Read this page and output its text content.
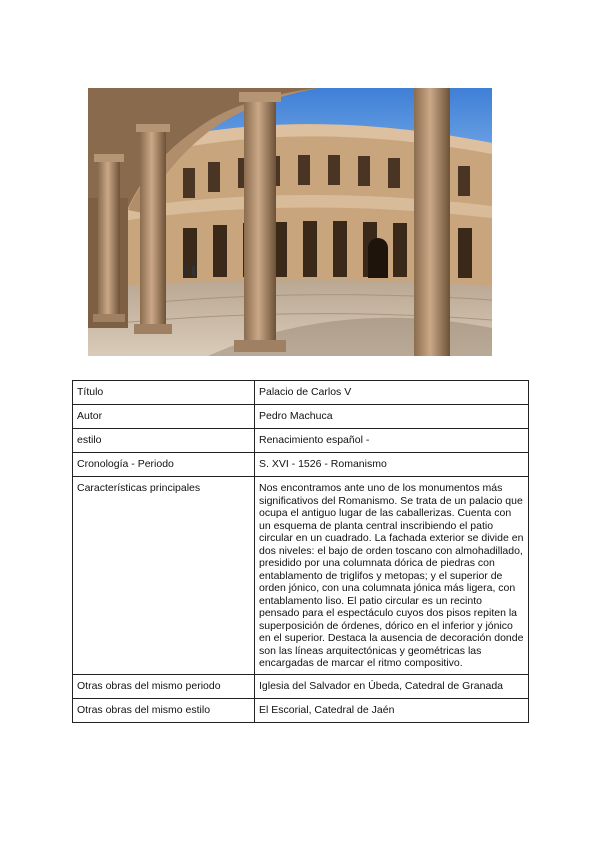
Título	Palacio de Carlos V
Autor	Pedro Machuca
estilo	Renacimiento español -
Cronología - Periodo	S. XVI - 1526 - Romanismo
Características principales	Nos encontramos ante uno de los monumentos más significativos del Romanismo. Se trata de un palacio que ocupa el antiguo lugar de las caballerizas. Cuenta con un esquema de planta central inscribiendo el patio circular en un cuadrado. La fachada exterior se divide en dos niveles: el bajo de orden toscano con almohadillado, presidido por una columnata dórica de piedras con entablamento de triglifos y metopas; y el superior de orden jónico, con una columnata jónica más ligera, con entablamento liso. El patio circular es un recinto pensado para el espectáculo cuyos dos pisos repiten la superposición de órdenes, dórico en el inferior y jónico en el superior. Destaca la ausencia de decoración donde son las líneas arquitectónicas y geométricas las encargadas de marcar el ritmo compositivo.
Otras obras del mismo periodo	Iglesia del Salvador en Úbeda, Catedral de Granada
Otras obras del mismo estilo	El Escorial, Catedral de Jaén
